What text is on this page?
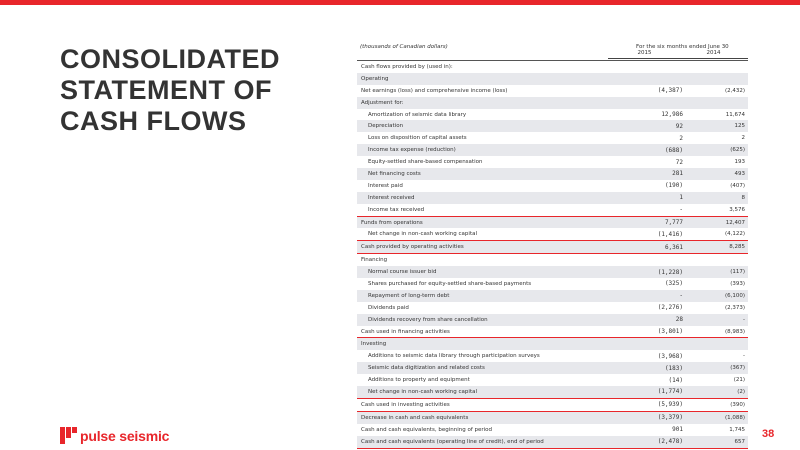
CONSOLIDATED
STATEMENT OF
CASH FLOWS
(thousands of Canadian dollars)	For the six months ended June 30
2015	2014
Cash flows provided by (used in):
Operating
Net earnings (loss) and comprehensive income (loss)	(4,387)	(2,432)
Adjustment for:
Amortization of seismic data library	12,986	11,674
Depreciation	92	125
Loss on disposition of capital assets	2	2
Income tax expense (reduction)	(688)	(625)
Equity-settled share-based compensation	72	193
Net financing costs	281	493
Interest paid	(190)	(407)
Interest received	1	8
Income tax received	-	3,576
Funds from operations	7,777	12,407
Net change in non-cash working capital	(1,416)	(4,122)
Cash provided by operating activities	6,361	8,285
Financing
Normal course issuer bid	(1,228)	(117)
Shares purchased for equity-settled share-based payments	(325)	(393)
Repayment of long-term debt	-	(6,100)
Dividends paid	(2,276)	(2,373)
Dividends recovery from share cancellation	28	-
Cash used in financing activities	(3,801)	(8,983)
Investing
Additions to seismic data library through participation surveys	(3,968)	-
Seismic data digitization and related costs	(183)	(367)
Additions to property and equipment	(14)	(21)
Net change in non-cash working capital	(1,774)	(2)
Cash used in investing activities	(5,939)	(390)
Decrease in cash and cash equivalents	(3,379)	(1,088)
Cash and cash equivalents, beginning of period	901	1,745
Cash and cash equivalents (operating line of credit), end of period	(2,478)	657
pulse seismic	38
